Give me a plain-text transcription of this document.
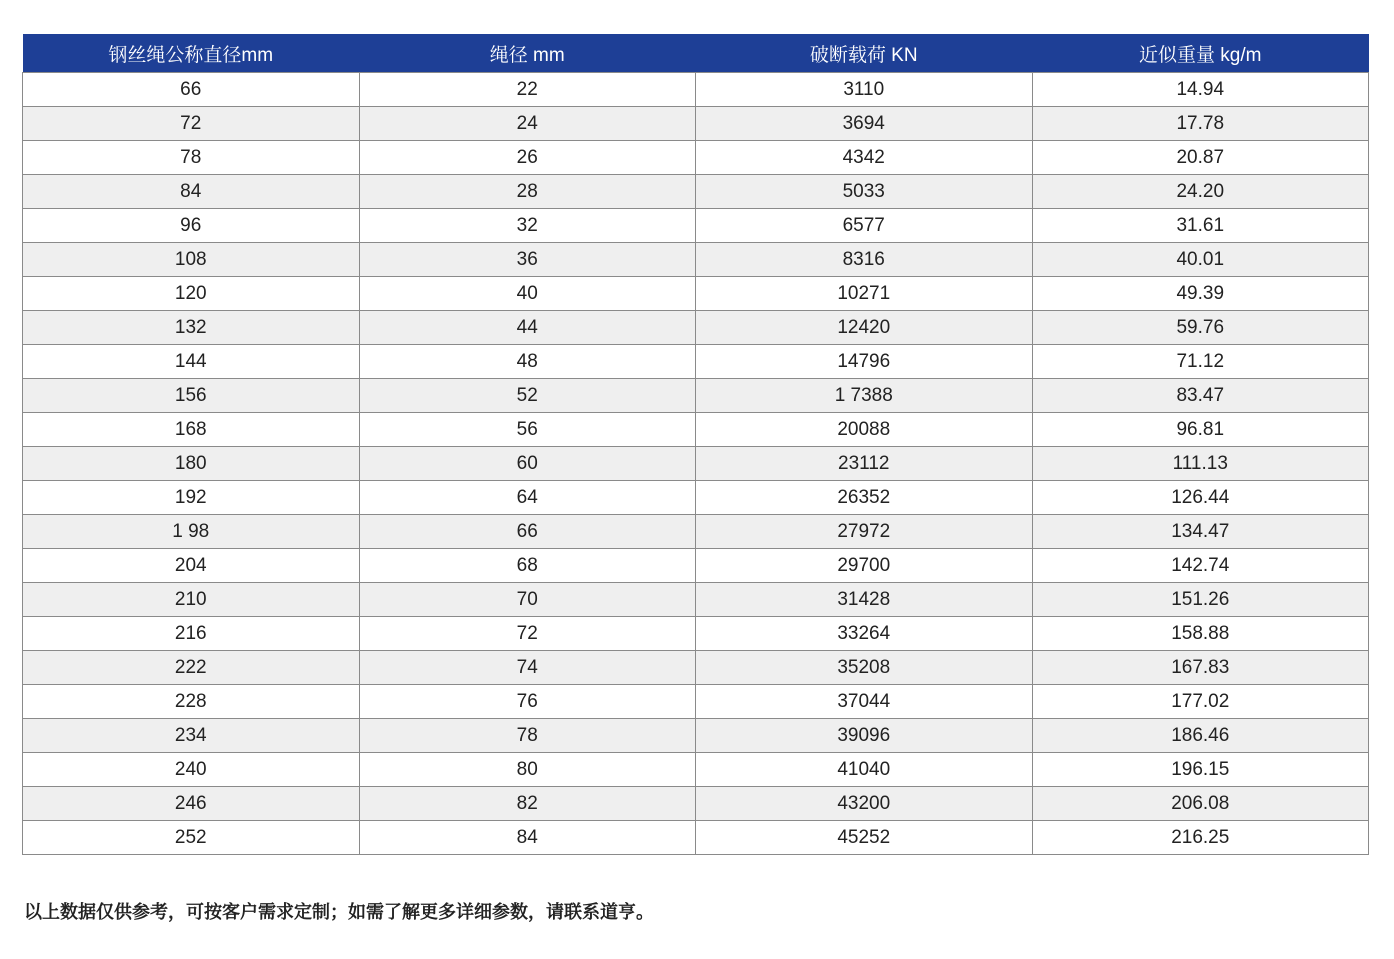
钢丝绳公称直径mm	绳径 mm	破断载荷 KN	近似重量 kg/m
66	22	3110	14.94
72	24	3694	17.78
78	26	4342	20.87
84	28	5033	24.20
96	32	6577	31.61
108	36	8316	40.01
120	40	10271	49.39
132	44	12420	59.76
144	48	14796	71.12
156	52	1 7388	83.47
168	56	20088	96.81
180	60	23112	111.13
192	64	26352	126.44
1 98	66	27972	134.47
204	68	29700	142.74
210	70	31428	151.26
216	72	33264	158.88
222	74	35208	167.83
228	76	37044	177.02
234	78	39096	186.46
240	80	41040	196.15
246	82	43200	206.08
252	84	45252	216.25
以上数据仅供参考，可按客户需求定制；如需了解更多详细参数，请联系道亨。
